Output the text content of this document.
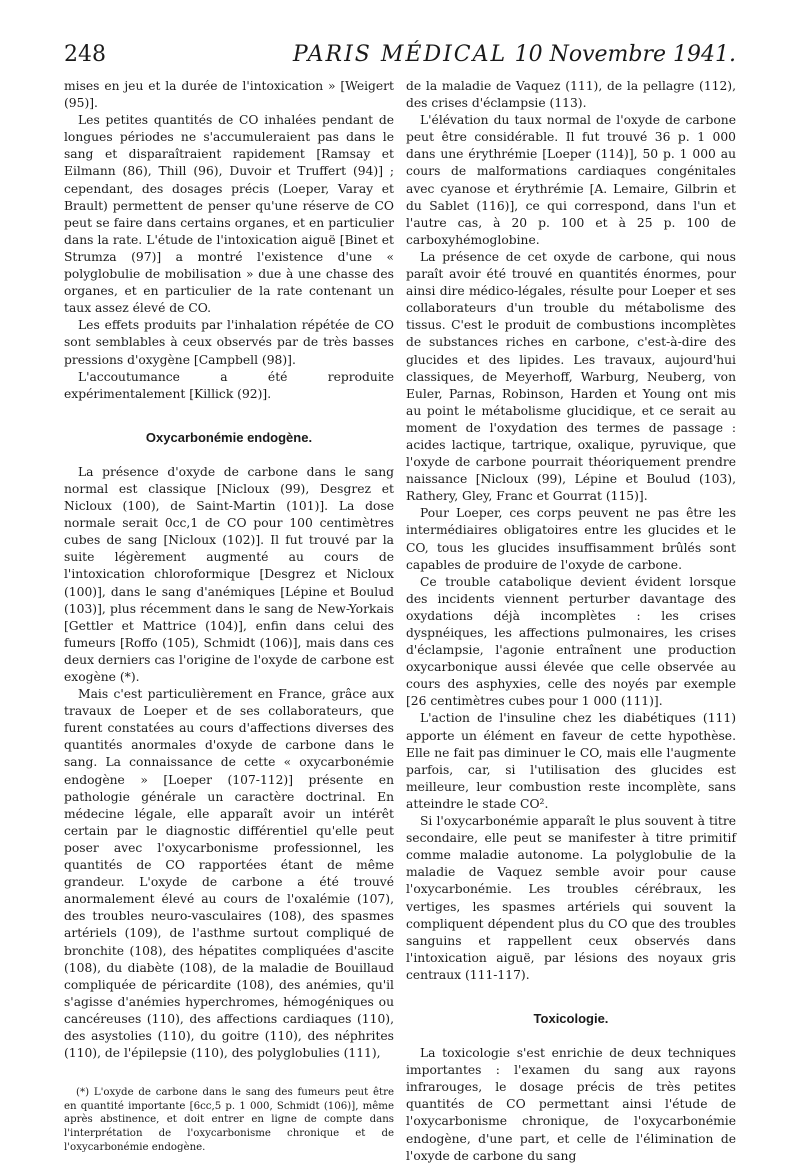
248	PARIS MÉDICAL 10 Novembre 1941.

mises en jeu et la durée de l'intoxication » [Weigert (95)].

Les petites quantités de CO inhalées pendant de longues périodes ne s'accumuleraient pas dans le sang et disparaîtraient rapidement [Ramsay et Eilmann (86), Thill (96), Duvoir et Truffert (94)] ; cependant, des dosages précis (Loeper, Varay et Brault) permettent de penser qu'une réserve de CO peut se faire dans certains organes, et en particulier dans la rate. L'étude de l'intoxication aiguë [Binet et Strumza (97)] a montré l'existence d'une « polyglobulie de mobilisation » due à une chasse des organes, et en particulier de la rate contenant un taux assez élevé de CO.

Les effets produits par l'inhalation répétée de CO sont semblables à ceux observés par de très basses pressions d'oxygène [Campbell (98)].

L'accoutumance a été reproduite expérimentalement [Killick (92)].

Oxycarbonémie endogène.

La présence d'oxyde de carbone dans le sang normal est classique [Nicloux (99), Desgrez et Nicloux (100), de Saint-Martin (101)]. La dose normale serait 0cc,1 de CO pour 100 centimètres cubes de sang [Nicloux (102)]. Il fut trouvé par la suite légèrement augmenté au cours de l'intoxication chloroformique [Desgrez et Nicloux (100)], dans le sang d'anémiques [Lépine et Boulud (103)], plus récemment dans le sang de New-Yorkais [Gettler et Mattrice (104)], enfin dans celui des fumeurs [Roffo (105), Schmidt (106)], mais dans ces deux derniers cas l'origine de l'oxyde de carbone est exogène (*).

Mais c'est particulièrement en France, grâce aux travaux de Loeper et de ses collaborateurs, que furent constatées au cours d'affections diverses des quantités anormales d'oxyde de carbone dans le sang. La connaissance de cette « oxycarbonémie endogène » [Loeper (107-112)] présente en pathologie générale un caractère doctrinal. En médecine légale, elle apparaît avoir un intérêt certain par le diagnostic différentiel qu'elle peut poser avec l'oxycarbonisme professionnel, les quantités de CO rapportées étant de même grandeur. L'oxyde de carbone a été trouvé anormalement élevé au cours de l'oxalémie (107), des troubles neuro-vasculaires (108), des spasmes artériels (109), de l'asthme surtout compliqué de bronchite (108), des hépatites compliquées d'ascite (108), du diabète (108), de la maladie de Bouillaud compliquée de péricardite (108), des anémies, qu'il s'agisse d'anémies hyperchromes, hémogéniques ou cancéreuses (110), des affections cardiaques (110), des asystolies (110), du goitre (110), des néphrites (110), de l'épilepsie (110), des polyglobulies (111),

(*) L'oxyde de carbone dans le sang des fumeurs peut être en quantité importante [6cc,5 p. 1 000, Schmidt (106)], même après abstinence, et doit entrer en ligne de compte dans l'interprétation de l'oxycarbonisme chronique et de l'oxycarbonémie endogène.

de la maladie de Vaquez (111), de la pellagre (112), des crises d'éclampsie (113).

L'élévation du taux normal de l'oxyde de carbone peut être considérable. Il fut trouvé 36 p. 1 000 dans une érythrémie [Loeper (114)], 50 p. 1 000 au cours de malformations cardiaques congénitales avec cyanose et érythrémie [A. Lemaire, Gilbrin et du Sablet (116)], ce qui correspond, dans l'un et l'autre cas, à 20 p. 100 et à 25 p. 100 de carboxyhémoglobine.

La présence de cet oxyde de carbone, qui nous paraît avoir été trouvé en quantités énormes, pour ainsi dire médico-légales, résulte pour Loeper et ses collaborateurs d'un trouble du métabolisme des tissus. C'est le produit de combustions incomplètes de substances riches en carbone, c'est-à-dire des glucides et des lipides. Les travaux, aujourd'hui classiques, de Meyerhoff, Warburg, Neuberg, von Euler, Parnas, Robinson, Harden et Young ont mis au point le métabolisme glucidique, et ce serait au moment de l'oxydation des termes de passage : acides lactique, tartrique, oxalique, pyruvique, que l'oxyde de carbone pourrait théoriquement prendre naissance [Nicloux (99), Lépine et Boulud (103), Rathery, Gley, Franc et Gourrat (115)].

Pour Loeper, ces corps peuvent ne pas être les intermédiaires obligatoires entre les glucides et le CO, tous les glucides insuffisamment brûlés sont capables de produire de l'oxyde de carbone.

Ce trouble catabolique devient évident lorsque des incidents viennent perturber davantage des oxydations déjà incomplètes : les crises dyspnéiques, les affections pulmonaires, les crises d'éclampsie, l'agonie entraînent une production oxycarbonique aussi élevée que celle observée au cours des asphyxies, celle des noyés par exemple [26 centimètres cubes pour 1 000 (111)].

L'action de l'insuline chez les diabétiques (111) apporte un élément en faveur de cette hypothèse. Elle ne fait pas diminuer le CO, mais elle l'augmente parfois, car, si l'utilisation des glucides est meilleure, leur combustion reste incomplète, sans atteindre le stade CO².

Si l'oxycarbonémie apparaît le plus souvent à titre secondaire, elle peut se manifester à titre primitif comme maladie autonome. La polyglobulie de la maladie de Vaquez semble avoir pour cause l'oxycarbonémie. Les troubles cérébraux, les vertiges, les spasmes artériels qui souvent la compliquent dépendent plus du CO que des troubles sanguins et rappellent ceux observés dans l'intoxication aiguë, par lésions des noyaux gris centraux (111-117).

Toxicologie.

La toxicologie s'est enrichie de deux techniques importantes : l'examen du sang aux rayons infrarouges, le dosage précis de très petites quantités de CO permettant ainsi l'étude de l'oxycarbonisme chronique, de l'oxycarbonémie endogène, d'une part, et celle de l'élimination de l'oxyde de carbone du sang
